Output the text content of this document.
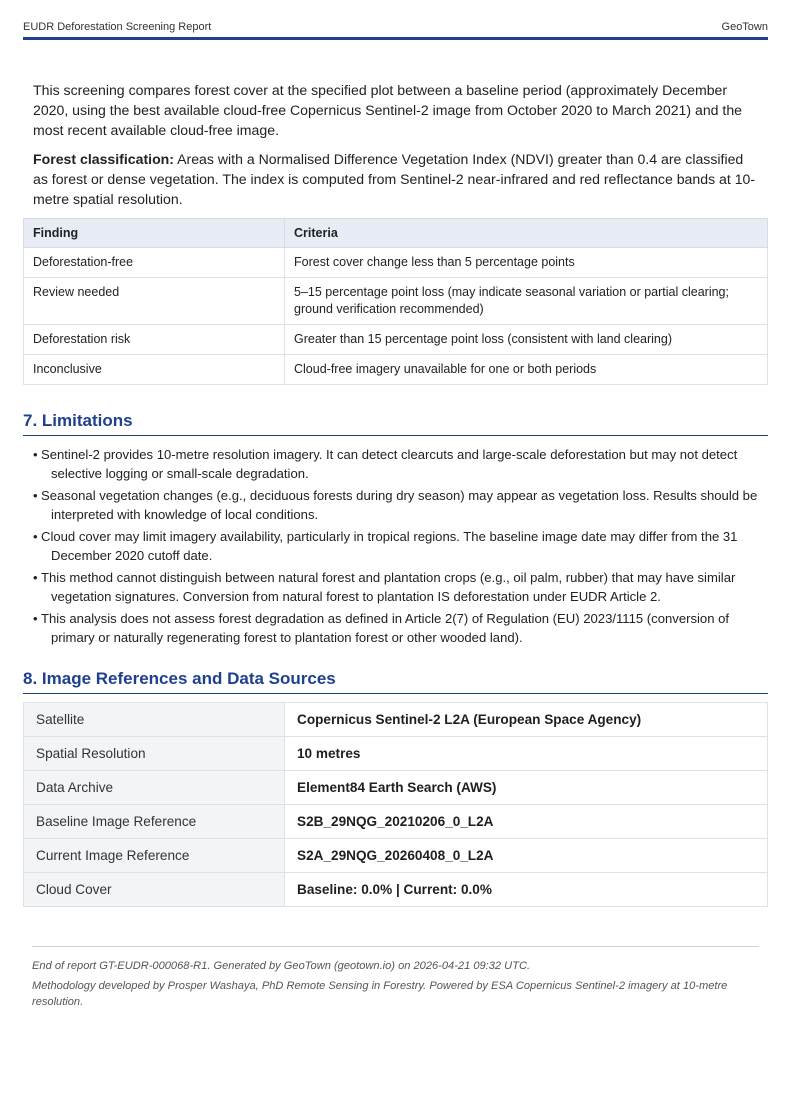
EUDR Deforestation Screening Report	GeoTown

This screening compares forest cover at the specified plot between a baseline period (approximately December 2020, using the best available cloud-free Copernicus Sentinel-2 image from October 2020 to March 2021) and the most recent available cloud-free image.

Forest classification: Areas with a Normalised Difference Vegetation Index (NDVI) greater than 0.4 are classified as forest or dense vegetation. The index is computed from Sentinel-2 near-infrared and red reflectance bands at 10-metre spatial resolution.

Finding	Criteria
Deforestation-free	Forest cover change less than 5 percentage points
Review needed	5–15 percentage point loss (may indicate seasonal variation or partial clearing; ground verification recommended)
Deforestation risk	Greater than 15 percentage point loss (consistent with land clearing)
Inconclusive	Cloud-free imagery unavailable for one or both periods
7. Limitations
• Sentinel-2 provides 10-metre resolution imagery. It can detect clearcuts and large-scale deforestation but may not detect selective logging or small-scale degradation.
• Seasonal vegetation changes (e.g., deciduous forests during dry season) may appear as vegetation loss. Results should be interpreted with knowledge of local conditions.
• Cloud cover may limit imagery availability, particularly in tropical regions. The baseline image date may differ from the 31 December 2020 cutoff date.
• This method cannot distinguish between natural forest and plantation crops (e.g., oil palm, rubber) that may have similar vegetation signatures. Conversion from natural forest to plantation IS deforestation under EUDR Article 2.
• This analysis does not assess forest degradation as defined in Article 2(7) of Regulation (EU) 2023/1115 (conversion of primary or naturally regenerating forest to plantation forest or other wooded land).
8. Image References and Data Sources
Satellite	Copernicus Sentinel-2 L2A (European Space Agency)
Spatial Resolution	10 metres
Data Archive	Element84 Earth Search (AWS)
Baseline Image Reference	S2B_29NQG_20210206_0_L2A
Current Image Reference	S2A_29NQG_20260408_0_L2A
Cloud Cover	Baseline: 0.0% | Current: 0.0%

End of report GT-EUDR-000068-R1. Generated by GeoTown (geotown.io) on 2026-04-21 09:32 UTC.

Methodology developed by Prosper Washaya, PhD Remote Sensing in Forestry. Powered by ESA Copernicus Sentinel-2 imagery at 10-metre resolution.
